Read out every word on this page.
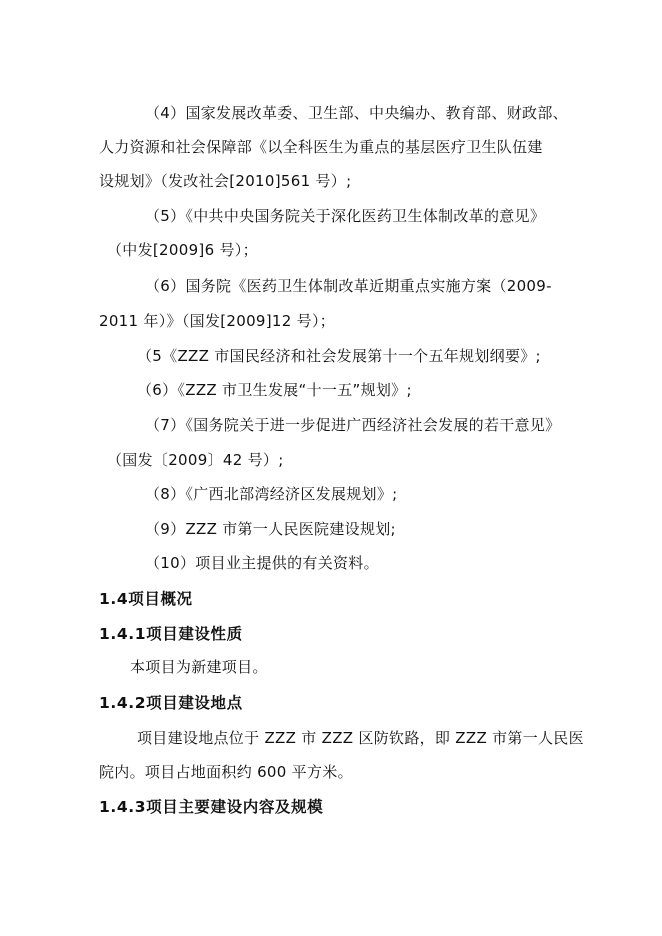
（4）国家发展改革委、卫生部、中央编办、教育部、财政部、
人力资源和社会保障部《以全科医生为重点的基层医疗卫生队伍建
设规划》（发改社会[2010]561 号）;
（5）《中共中央国务院关于深化医药卫生体制改革的意见》
（中发[2009]6 号）；
（6）国务院《医药卫生体制改革近期重点实施方案（2009-
2011 年）》（国发[2009]12 号）；
（5《ZZZ 市国民经济和社会发展第十一个五年规划纲要》;
（6）《ZZZ 市卫生发展“十一五”规划》;
（7）《国务院关于进一步促进广西经济社会发展的若干意见》
（国发〔2009〕42 号）;
（8）《广西北部湾经济区发展规划》;
（9）ZZZ 市第一人民医院建设规划;
（10）项目业主提供的有关资料。
1.4项目概况
1.4.1项目建设性质
本项目为新建项目。
1.4.2项目建设地点
项目建设地点位于 ZZZ 市 ZZZ 区防钦路，即 ZZZ 市第一人民医
院内。项目占地面积约 600 平方米。
1.4.3项目主要建设内容及规模
